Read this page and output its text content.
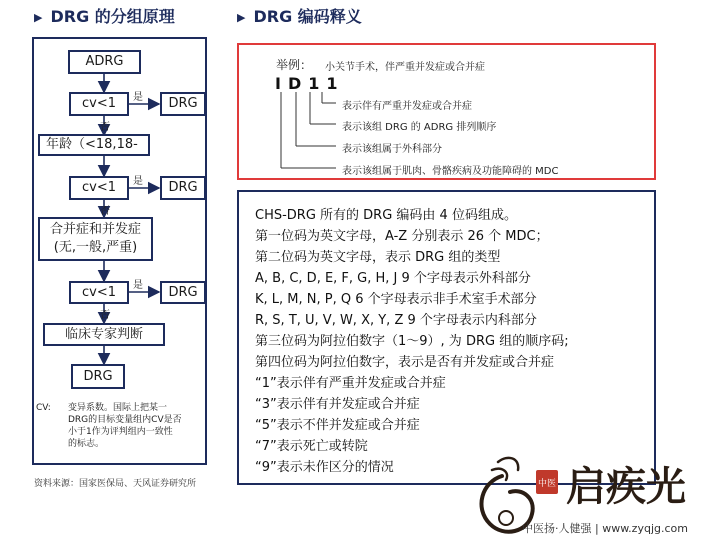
▶ DRG 的分组原理	▶ DRG 编码释义
ADRG
cv<1	DRG
年龄（<18,18-
cv<1	DRG
合并症和并发症
(无,一般,严重)
cv<1	DRG
临床专家判断
DRG
是
否
是
否
是
否
CV: 变异系数。国际上把某一
DRG的目标变量组内CV是否
小于1作为评判组内一致性
的标志。
资料来源：国家医保局、天风证券研究所
举例： 小关节手术，伴严重并发症或合并症
ID11
表示伴有严重并发症或合并症
表示该组 DRG 的 ADRG 排列顺序
表示该组属于外科部分
表示该组属于肌肉、骨骼疾病及功能障碍的 MDC
CHS-DRG 所有的 DRG 编码由 4 位码组成。
第一位码为英文字母，A-Z 分别表示 26 个 MDC；
第二位码为英文字母，表示 DRG 组的类型
A, B, C, D, E, F, G, H, J 9 个字母表示外科部分
K, L, M, N, P, Q 6 个字母表示非手术室手术部分
R, S, T, U, V, W, X, Y, Z 9 个字母表示内科部分
第三位码为阿拉伯数字（1～9）, 为 DRG 组的顺序码;
第四位码为阿拉伯数字，表示是否有并发症或合并症
“1”表示伴有严重并发症或合并症
“3”表示伴有并发症或合并症
“5”表示不伴并发症或合并症
“7”表示死亡或转院
“9”表示未作区分的情况
中医 启疾光
中医扬·人健强 | www.zyqjg.com
